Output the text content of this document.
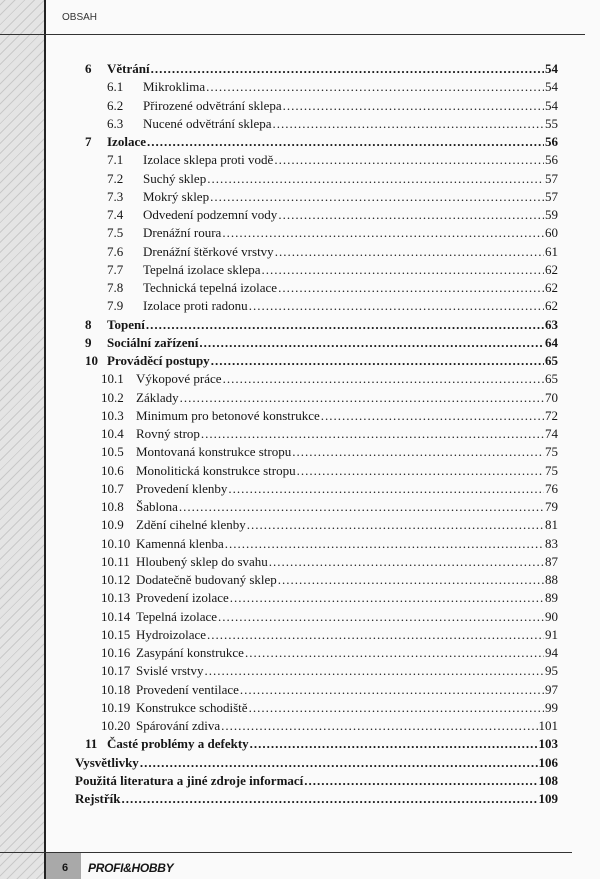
OBSAH
6	Větrání .....	54
6.1	Mikroklima .....	54
6.2	Přirozené odvětrání sklepa .....	54
6.3	Nucené odvětrání sklepa .....	55
7	Izolace .....	56
7.1	Izolace sklepa proti vodě .....	56
7.2	Suchý sklep .....	57
7.3	Mokrý sklep .....	57
7.4	Odvedení podzemní vody .....	59
7.5	Drenážní roura .....	60
7.6	Drenážní štěrkové vrstvy .....	61
7.7	Tepelná izolace sklepa .....	62
7.8	Technická tepelná izolace .....	62
7.9	Izolace proti radonu .....	62
8	Topení .....	63
9	Sociální zařízení .....	64
10 Prováděcí postupy .....	65
10.1 Výkopové práce .....	65
10.2 Základy .....	70
10.3 Minimum pro betonové konstrukce .....	72
10.4 Rovný strop .....	74
10.5 Montovaná konstrukce stropu .....	75
10.6 Monolitická konstrukce stropu .....	75
10.7 Provedení klenby .....	76
10.8 Šablona .....	79
10.9 Zdění cihelné klenby .....	81
10.10 Kamenná klenba .....	83
10.11 Hloubený sklep do svahu .....	87
10.12 Dodatečně budovaný sklep .....	88
10.13 Provedení izolace .....	89
10.14 Tepelná izolace .....	90
10.15 Hydroizolace .....	91
10.16 Zasypání konstrukce .....	94
10.17 Svislé vrstvy .....	95
10.18 Provedení ventilace .....	97
10.19 Konstrukce schodiště .....	99
10.20 Spárování zdiva .....	101
11 Časté problémy a defekty .....	103
Vysvětlivky .....	106
Použitá literatura a jiné zdroje informací .....	108
Rejstřík .....	109
6 PROFI&HOBBY
